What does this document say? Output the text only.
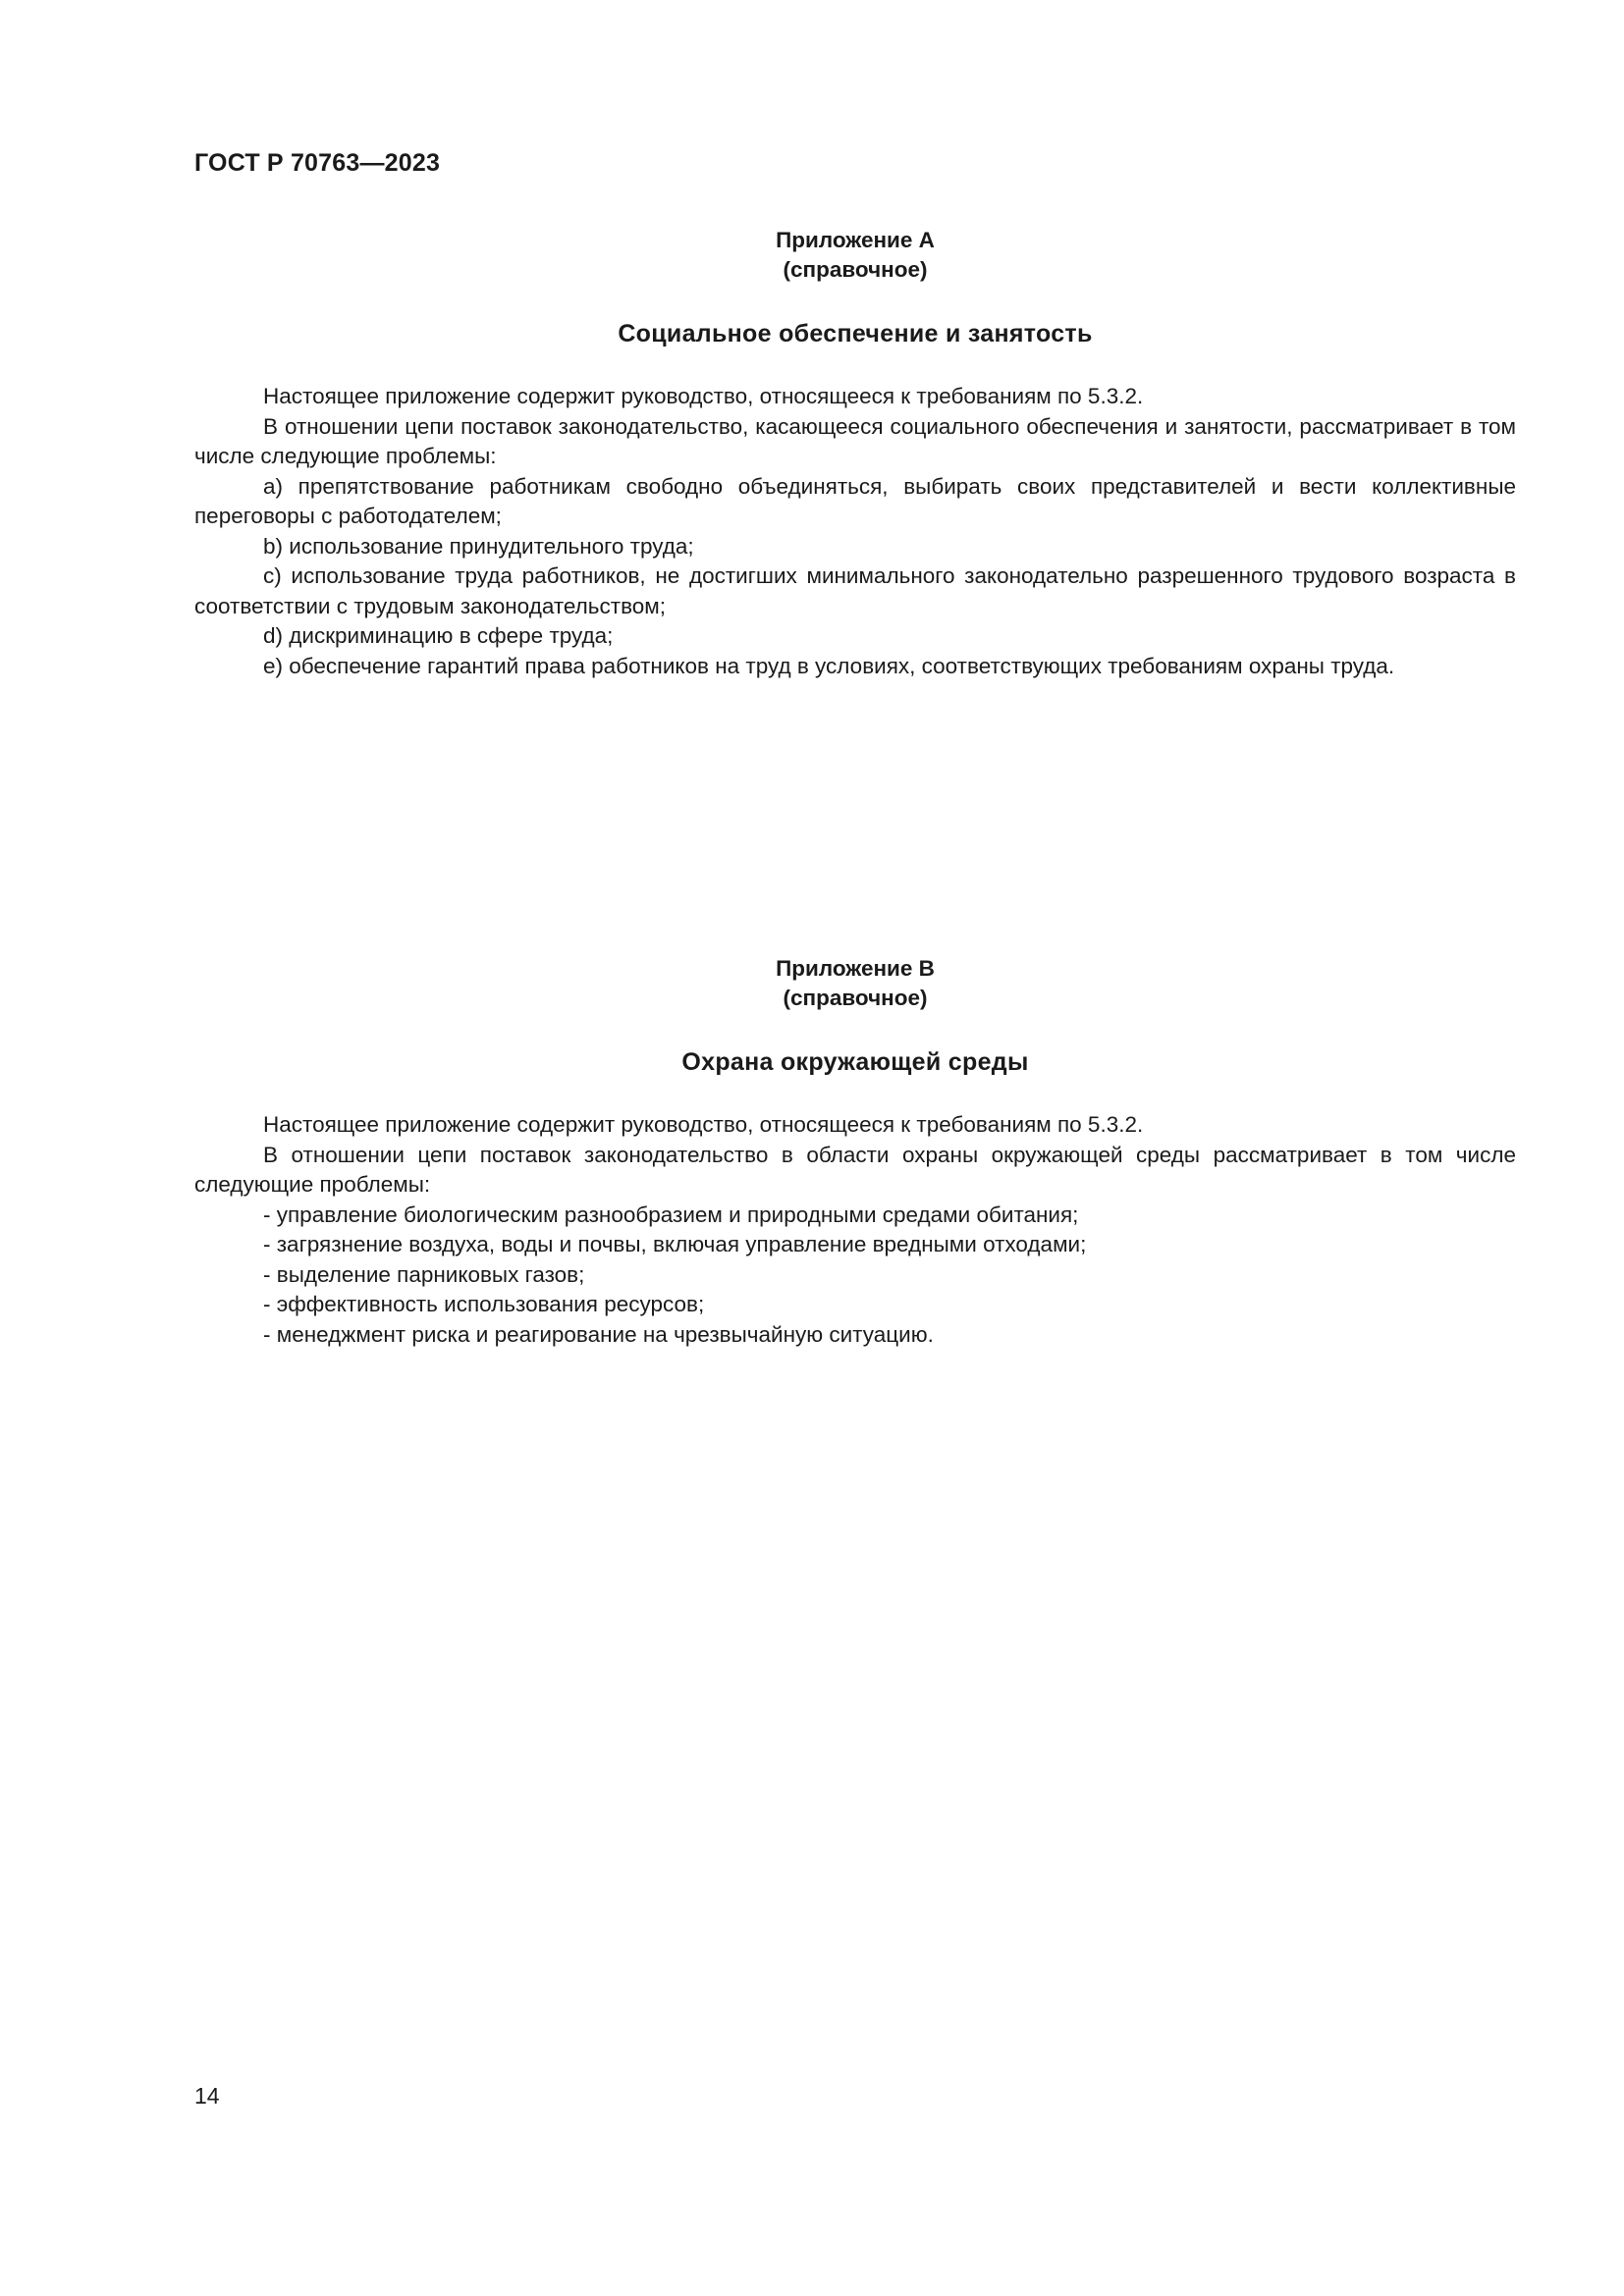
ГОСТ Р 70763—2023
Приложение А
(справочное)
Социальное обеспечение и занятость

Настоящее приложение содержит руководство, относящееся к требованиям по 5.3.2.

В отношении цепи поставок законодательство, касающееся социального обеспечения и занятости, рассматривает в том числе следующие проблемы:

a) препятствование работникам свободно объединяться, выбирать своих представителей и вести коллективные переговоры с работодателем;

b) использование принудительного труда;

c) использование труда работников, не достигших минимального законодательно разрешенного трудового возраста в соответствии с трудовым законодательством;

d) дискриминацию в сфере труда;

e) обеспечение гарантий права работников на труд в условиях, соответствующих требованиям охраны труда.

Приложение В
(справочное)
Охрана окружающей среды

Настоящее приложение содержит руководство, относящееся к требованиям по 5.3.2.

В отношении цепи поставок законодательство в области охраны окружающей среды рассматривает в том числе следующие проблемы:

- управление биологическим разнообразием и природными средами обитания;

- загрязнение воздуха, воды и почвы, включая управление вредными отходами;

- выделение парниковых газов;

- эффективность использования ресурсов;

- менеджмент риска и реагирование на чрезвычайную ситуацию.

14
